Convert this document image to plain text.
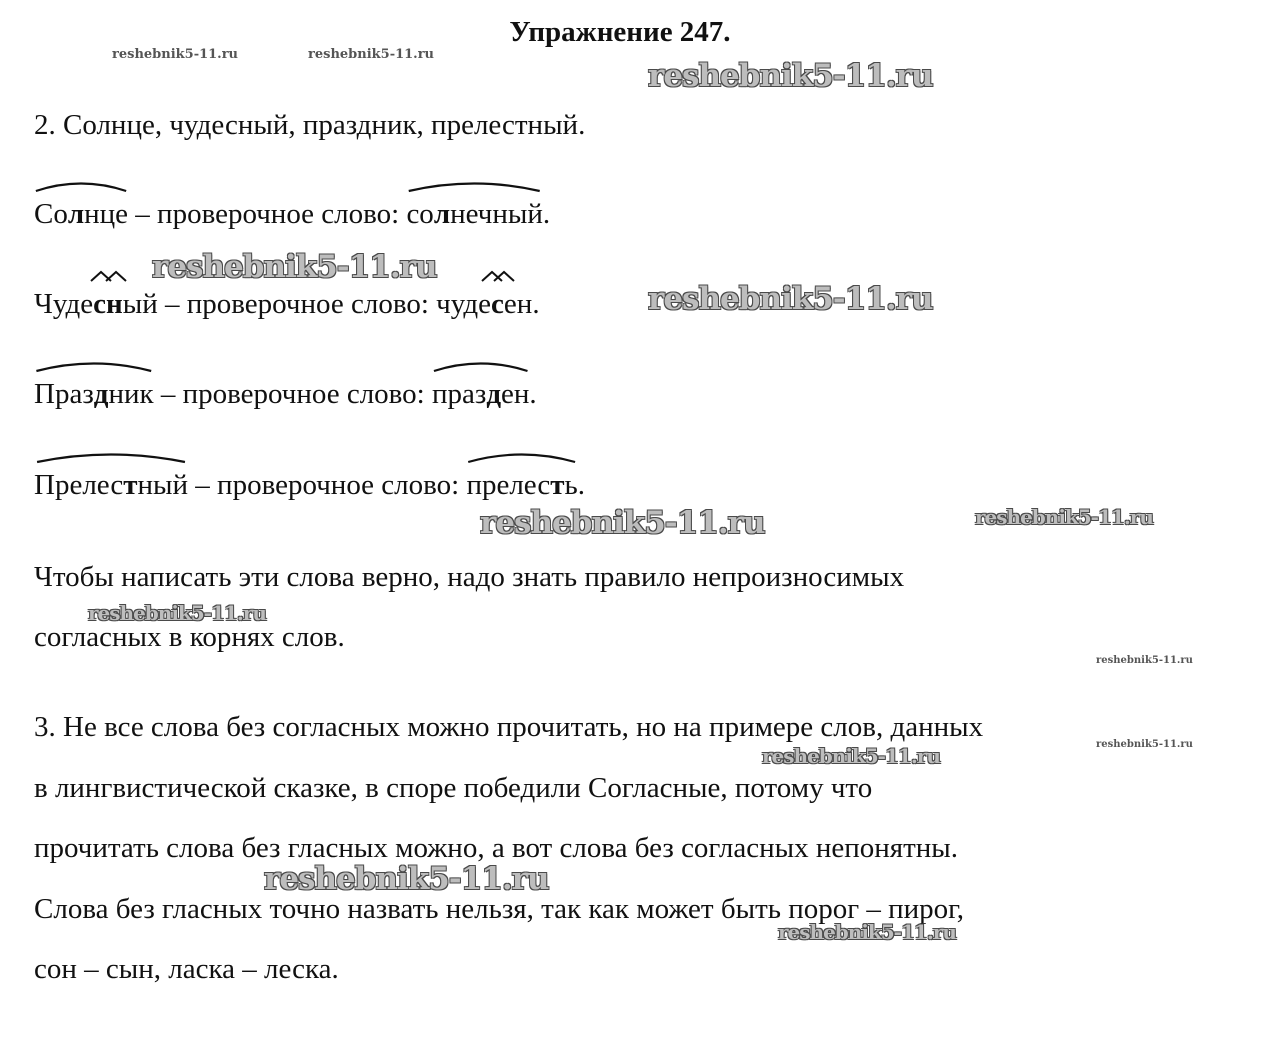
Упражнение 247.

2. Солнце, чудесный, праздник, прелестный.

Солнце – проверочное слово:
солнечный.

Чуде
сный – проверочное слово: чуде
сен.

Праздник – проверочное слово:
празден.

Прелестный – проверочное слово:
прелесть.

Чтобы написать эти слова верно, надо знать правило непроизносимых

согласных в корнях слов.

3. Не все слова без согласных можно прочитать, но на примере слов, данных

в лингвистической сказке, в споре победили Согласные, потому что

прочитать слова без гласных можно, а вот слова без согласных непонятны.

Слова без гласных точно назвать нельзя, так как может быть порог – пирог,

сон – сын, ласка – леска.

reshebnik5-11.ru	reshebnik5-11.ru
reshebnik5-11.ru
reshebnik5-11.ru
reshebnik5-11.ru
reshebnik5-11.ru	reshebnik5-11.ru
reshebnik5-11.ru
reshebnik5-11.ru
reshebnik5-11.ru
reshebnik5-11.ru
reshebnik5-11.ru
reshebnik5-11.ru
